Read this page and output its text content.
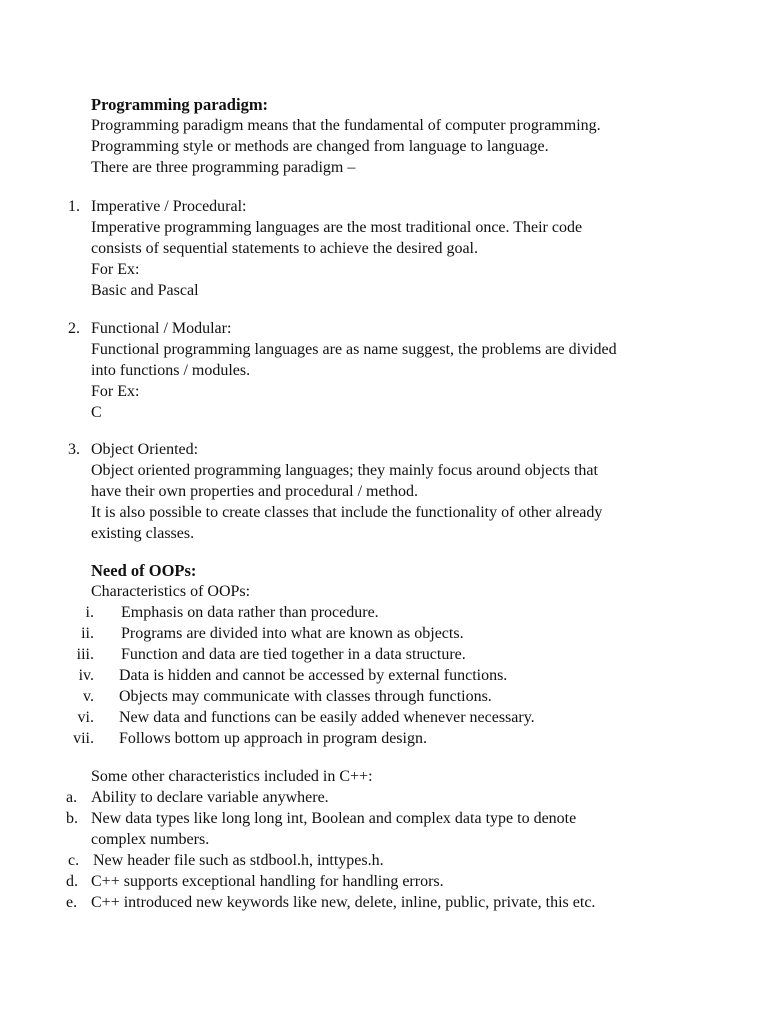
Programming paradigm:
Programming paradigm means that the fundamental of computer programming.
Programming style or methods are changed from language to language.
There are three programming paradigm –
1. Imperative / Procedural:
Imperative programming languages are the most traditional once. Their code
consists of sequential statements to achieve the desired goal.
For Ex:
Basic and Pascal
2. Functional / Modular:
Functional programming languages are as name suggest, the problems are divided
into functions / modules.
For Ex:
C
3. Object Oriented:
Object oriented programming languages; they mainly focus around objects that
have their own properties and procedural / method.
It is also possible to create classes that include the functionality of other already
existing classes.
Need of OOPs:
Characteristics of OOPs:
i. Emphasis on data rather than procedure.
ii. Programs are divided into what are known as objects.
iii. Function and data are tied together in a data structure.
iv. Data is hidden and cannot be accessed by external functions.
v. Objects may communicate with classes through functions.
vi. New data and functions can be easily added whenever necessary.
vii. Follows bottom up approach in program design.
Some other characteristics included in C++:
a. Ability to declare variable anywhere.
b. New data types like long long int, Boolean and complex data type to denote
complex numbers.
c. New header file such as stdbool.h, inttypes.h.
d. C++ supports exceptional handling for handling errors.
e. C++ introduced new keywords like new, delete, inline, public, private, this etc.
